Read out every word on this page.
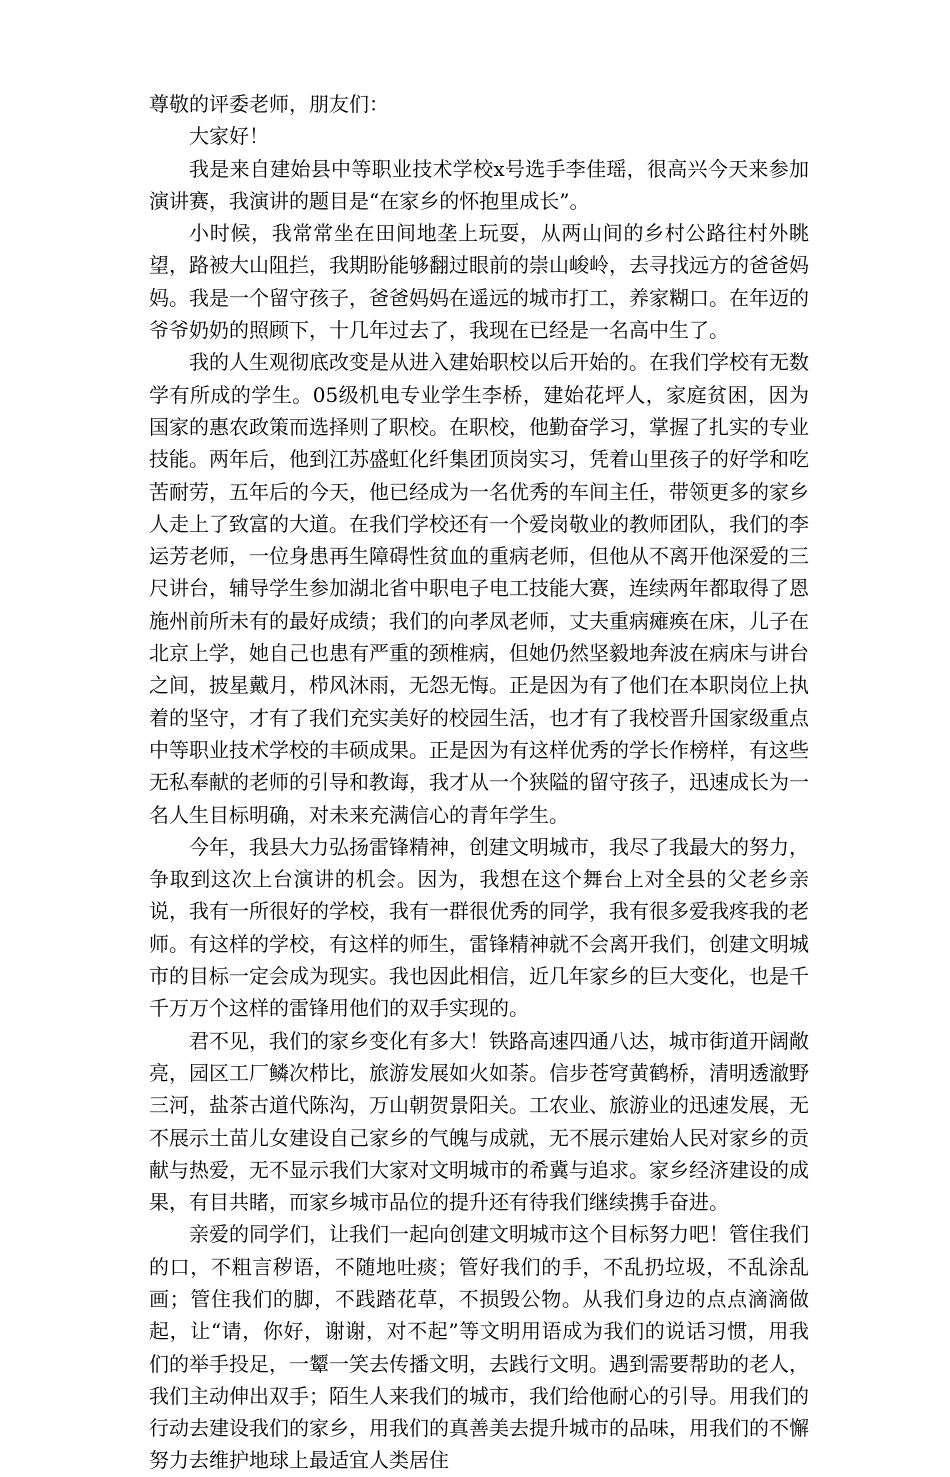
尊敬的评委老师，朋友们：

大家好！

我是来自建始县中等职业技术学校x号选手李佳瑶，很高兴今天来参加演讲赛，我演讲的题目是“在家乡的怀抱里成长”。

小时候，我常常坐在田间地垄上玩耍，从两山间的乡村公路往村外眺望，路被大山阻拦，我期盼能够翻过眼前的崇山峻岭，去寻找远方的爸爸妈妈。我是一个留守孩子，爸爸妈妈在遥远的城市打工，养家糊口。在年迈的爷爷奶奶的照顾下，十几年过去了，我现在已经是一名高中生了。

我的人生观彻底改变是从进入建始职校以后开始的。在我们学校有无数学有所成的学生。05级机电专业学生李桥，建始花坪人，家庭贫困，因为国家的惠农政策而选择则了职校。在职校，他勤奋学习，掌握了扎实的专业技能。两年后，他到江苏盛虹化纤集团顶岗实习，凭着山里孩子的好学和吃苦耐劳，五年后的今天，他已经成为一名优秀的车间主任，带领更多的家乡人走上了致富的大道。在我们学校还有一个爱岗敬业的教师团队，我们的李运芳老师，一位身患再生障碍性贫血的重病老师，但他从不离开他深爱的三尺讲台，辅导学生参加湖北省中职电子电工技能大赛，连续两年都取得了恩施州前所未有的最好成绩；我们的向孝凤老师，丈夫重病瘫痪在床，儿子在北京上学，她自己也患有严重的颈椎病，但她仍然坚毅地奔波在病床与讲台之间，披星戴月，栉风沐雨，无怨无悔。正是因为有了他们在本职岗位上执着的坚守，才有了我们充实美好的校园生活，也才有了我校晋升国家级重点中等职业技术学校的丰硕成果。正是因为有这样优秀的学长作榜样，有这些无私奉献的老师的引导和教诲，我才从一个狭隘的留守孩子，迅速成长为一名人生目标明确，对未来充满信心的青年学生。

今年，我县大力弘扬雷锋精神，创建文明城市，我尽了我最大的努力，争取到这次上台演讲的机会。因为，我想在这个舞台上对全县的父老乡亲说，我有一所很好的学校，我有一群很优秀的同学，我有很多爱我疼我的老师。有这样的学校，有这样的师生，雷锋精神就不会离开我们，创建文明城市的目标一定会成为现实。我也因此相信，近几年家乡的巨大变化，也是千千万万个这样的雷锋用他们的双手实现的。

君不见，我们的家乡变化有多大！铁路高速四通八达，城市街道开阔敞亮，园区工厂鳞次栉比，旅游发展如火如荼。信步苍穹黄鹤桥，清明透澈野三河，盐茶古道代陈沟，万山朝贺景阳关。工农业、旅游业的迅速发展，无不展示土苗儿女建设自己家乡的气魄与成就，无不展示建始人民对家乡的贡献与热爱，无不显示我们大家对文明城市的希冀与追求。家乡经济建设的成果，有目共睹，而家乡城市品位的提升还有待我们继续携手奋进。

亲爱的同学们，让我们一起向创建文明城市这个目标努力吧！管住我们的口，不粗言秽语，不随地吐痰；管好我们的手，不乱扔垃圾，不乱涂乱画；管住我们的脚，不践踏花草，不损毁公物。从我们身边的点点滴滴做起，让“请，你好，谢谢，对不起”等文明用语成为我们的说话习惯，用我们的举手投足，一颦一笑去传播文明，去践行文明。遇到需要帮助的老人，我们主动伸出双手；陌生人来我们的城市，我们给他耐心的引导。用我们的行动去建设我们的家乡，用我们的真善美去提升城市的品味，用我们的不懈努力去维护地球上最适宜人类居住
